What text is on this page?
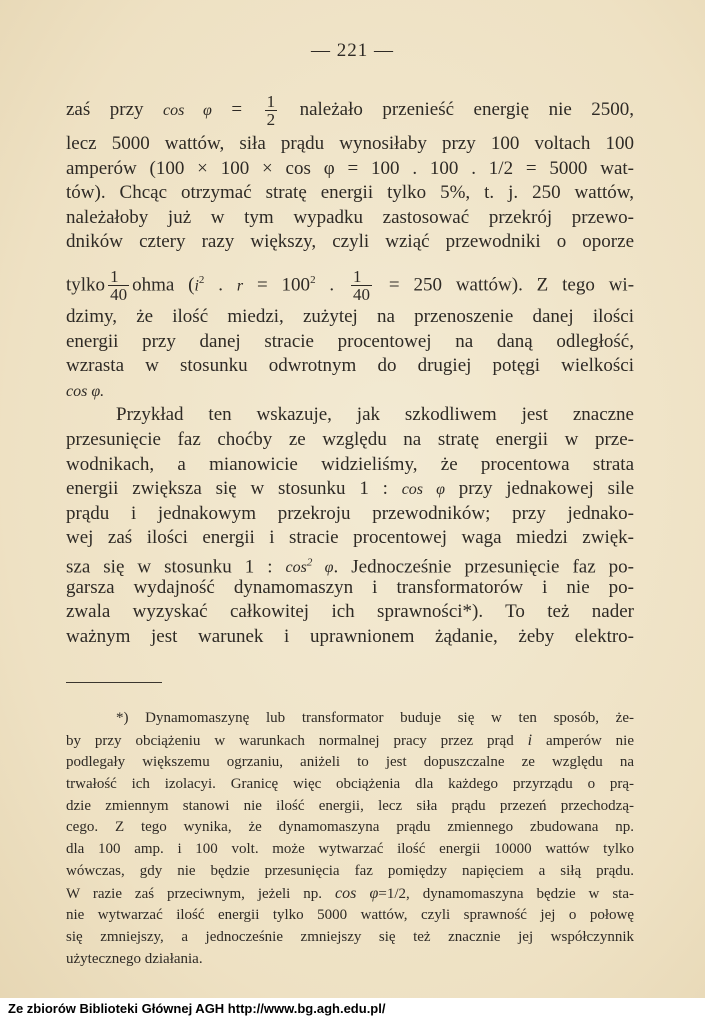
— 221 —
zaś przy $\cos \varphi = \frac{1}{2}$ należało przenieść energię nie 2500,
lecz 5000 wattów, siła prądu wynosiłaby przy 100 voltach 100
amperów (100 × 100 × cos φ = 100 . 100 . 1/2 = 5000 wat-
tów). Chcąc otrzymać stratę energii tylko 5%, t. j. 250 wattów,
należałoby już w tym wypadku zastosować przekrój przewo-
dników cztery razy większy, czyli wziąć przewodniki o oporze
tylko $\frac{1}{40}$ ohma ($i^2$ . $r = 100^2$ . $\frac{1}{40} = 250$ wattów). Z tego wi-
dzimy, że ilość miedzi, zużytej na przenoszenie danej ilości
energii przy danej stracie procentowej na daną odległość,
wzrasta w stosunku odwrotnym do drugiej potęgi wielkości
cos φ.
Przykład ten wskazuje, jak szkodliwem jest znaczne
przesunięcie faz choćby ze względu na stratę energii w prze-
wodnikach, a mianowicie widzieliśmy, że procentowa strata
energii zwiększa się w stosunku 1 : cos φ przy jednakowej sile
prądu i jednakowym przekroju przewodników; przy jednako-
wej zaś ilości energii i stracie procentowej waga miedzi zwięk-
sza się w stosunku 1 : $\cos^2 \varphi$. Jednocześnie przesunięcie faz po-
garsza wydajność dynamomaszyn i transformatorów i nie po-
zwala wyzyskać całkowitej ich sprawności*). To też nader
ważnym jest warunek i uprawnionem żądanie, żeby elektro-
*) Dynamomaszynę lub transformator buduje się w ten sposób, że-
by przy obciążeniu w warunkach normalnej pracy przez prąd i amperów nie
podlegały większemu ogrzaniu, aniżeli to jest dopuszczalne ze względu na
trwałość ich izolacyi. Granicę więc obciążenia dla każdego przyrządu o prą-
dzie zmiennym stanowi nie ilość energii, lecz siła prądu przezeń przechodzą-
cego. Z tego wynika, że dynamomaszyna prądu zmiennego zbudowana np.
dla 100 amp. i 100 volt. może wytwarzać ilość energii 10000 wattów tylko
wówczas, gdy nie będzie przesunięcia faz pomiędzy napięciem a siłą prądu.
W razie zaś przeciwnym, jeżeli np. cos φ=1/2, dynamomaszyna będzie w sta-
nie wytwarzać ilość energii tylko 5000 wattów, czyli sprawność jej o połowę
się zmniejszy, a jednocześnie zmniejszy się też znacznie jej współczynnik
użytecznego działania.
Ze zbiorów Biblioteki Głównej AGH http://www.bg.agh.edu.pl/
